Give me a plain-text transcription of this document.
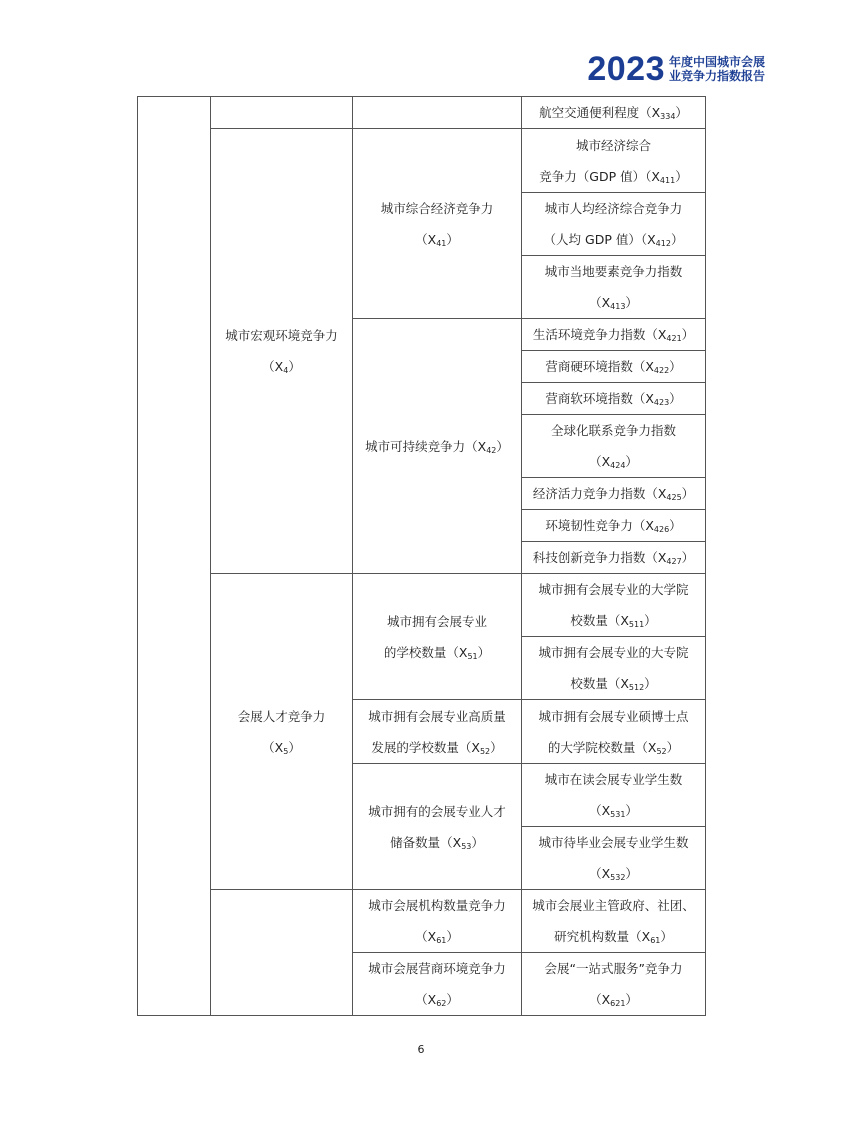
2023 年度中国城市会展
业竞争力指数报告

			航空交通便利程度$(X_{334})$

	城市宏观环境竞争力
$(X_4)$	城市综合经济竞争力
$(X_{41})$	城市经济综合
竞争力（GDP 值）$(X_{411})$

			城市人均经济综合竞争力
（人均 GDP 值）$(X_{412})$

			城市当地要素竞争力指数
$(X_{413})$

		城市可持续竞争力$(X_{42})$	生活环境竞争力指数$(X_{421})$

			营商硬环境指数$(X_{422})$

			营商软环境指数$(X_{423})$

			全球化联系竞争力指数
$(X_{424})$

			经济活力竞争力指数$(X_{425})$

			环境韧性竞争力$(X_{426})$

			科技创新竞争力指数$(X_{427})$

	会展人才竞争力
$(X_5)$	城市拥有会展专业
的学校数量$(X_{51})$	城市拥有会展专业的大学院
校数量$(X_{511})$

			城市拥有会展专业的大专院
校数量$(X_{512})$

		城市拥有会展专业高质量
发展的学校数量$(X_{52})$	城市拥有会展专业硕博士点
的大学院校数量$(X_{52})$

		城市拥有的会展专业人才
储备数量$(X_{53})$	城市在读会展专业学生数
$(X_{531})$

			城市待毕业会展专业学生数
$(X_{532})$

		城市会展机构数量竞争力
$(X_{61})$	城市会展业主管政府、社团、
研究机构数量$(X_{61})$

		城市会展营商环境竞争力
$(X_{62})$	会展“一站式服务”竞争力
$(X_{621})$
6
